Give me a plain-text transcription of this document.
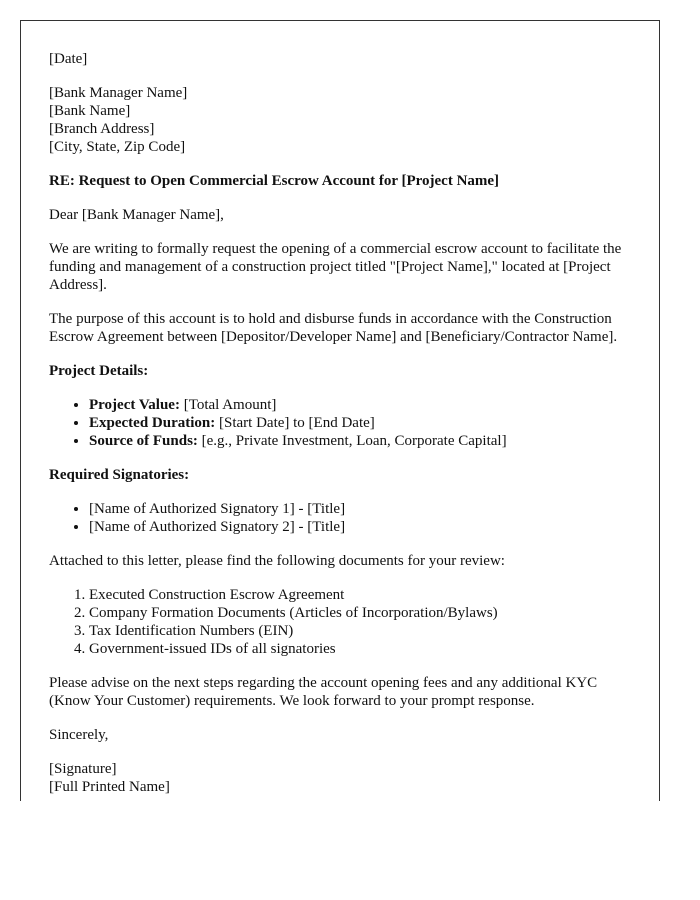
[Date]

[Bank Manager Name]
[Bank Name]
[Branch Address]
[City, State, Zip Code]

RE: Request to Open Commercial Escrow Account for [Project Name]

Dear [Bank Manager Name],

We are writing to formally request the opening of a commercial escrow account to facilitate the funding and management of a construction project titled "[Project Name]," located at [Project Address].

The purpose of this account is to hold and disburse funds in accordance with the Construction Escrow Agreement between [Depositor/Developer Name] and [Beneficiary/Contractor Name].

Project Details:

• Project Value: [Total Amount]
• Expected Duration: [Start Date] to [End Date]
• Source of Funds: [e.g., Private Investment, Loan, Corporate Capital]

Required Signatories:

• [Name of Authorized Signatory 1] - [Title]
• [Name of Authorized Signatory 2] - [Title]

Attached to this letter, please find the following documents for your review:

1. Executed Construction Escrow Agreement
2. Company Formation Documents (Articles of Incorporation/Bylaws)
3. Tax Identification Numbers (EIN)
4. Government-issued IDs of all signatories

Please advise on the next steps regarding the account opening fees and any additional KYC (Know Your Customer) requirements. We look forward to your prompt response.

Sincerely,

[Signature]
[Full Printed Name]
